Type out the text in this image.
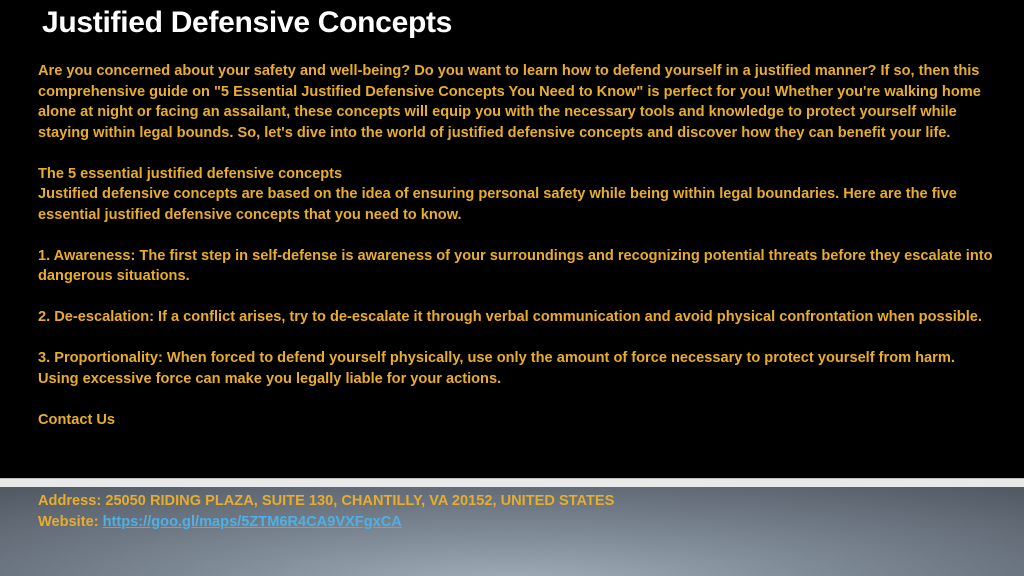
Justified Defensive Concepts

Are you concerned about your safety and well-being? Do you want to learn how to defend yourself in a justified manner? If so, then this comprehensive guide on "5 Essential Justified Defensive Concepts You Need to Know" is perfect for you! Whether you're walking home alone at night or facing an assailant, these concepts will equip you with the necessary tools and knowledge to protect yourself while staying within legal bounds. So, let's dive into the world of justified defensive concepts and discover how they can benefit your life.

The 5 essential justified defensive concepts

Justified defensive concepts are based on the idea of ensuring personal safety while being within legal boundaries. Here are the five essential justified defensive concepts that you need to know.

1. Awareness: The first step in self-defense is awareness of your surroundings and recognizing potential threats before they escalate into dangerous situations.

2. De-escalation: If a conflict arises, try to de-escalate it through verbal communication and avoid physical confrontation when possible.

3. Proportionality: When forced to defend yourself physically, use only the amount of force necessary to protect yourself from harm. Using excessive force can make you legally liable for your actions.

Contact Us

Address: 25050 RIDING PLAZA, SUITE 130, CHANTILLY, VA 20152, UNITED STATES
Website: https://goo.gl/maps/5ZTM6R4CA9VXFgxCA
